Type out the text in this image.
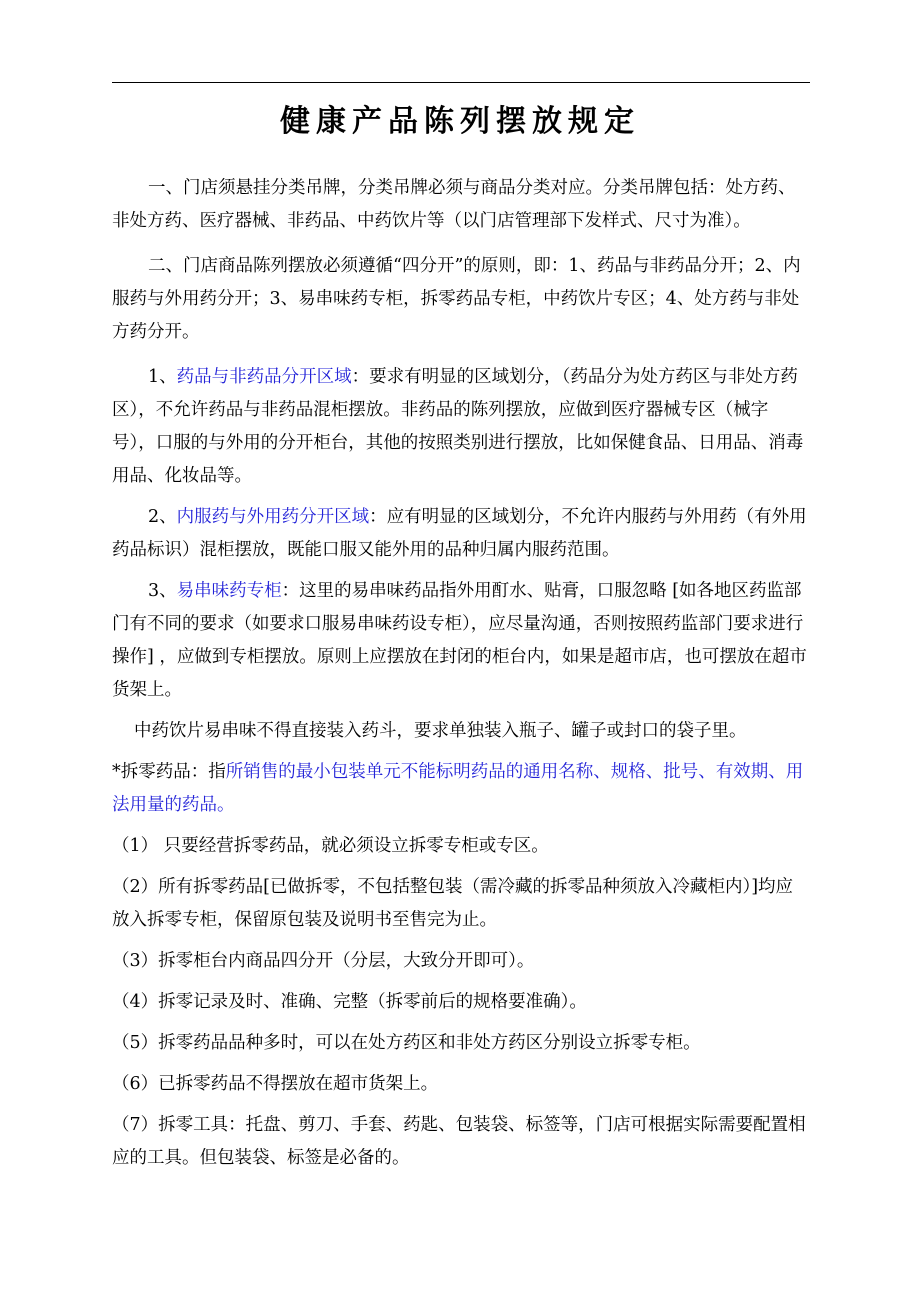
健康产品陈列摆放规定

一、门店须悬挂分类吊牌，分类吊牌必须与商品分类对应。分类吊牌包括：处方药、非处方药、医疗器械、非药品、中药饮片等（以门店管理部下发样式、尺寸为准）。

二、门店商品陈列摆放必须遵循“四分开”的原则，即：1、药品与非药品分开；2、内服药与外用药分开；3、易串味药专柜，拆零药品专柜，中药饮片专区；4、处方药与非处方药分开。

1、药品与非药品分开区域：要求有明显的区域划分，（药品分为处方药区与非处方药区），不允许药品与非药品混柜摆放。非药品的陈列摆放，应做到医疗器械专区（械字号），口服的与外用的分开柜台，其他的按照类别进行摆放，比如保健食品、日用品、消毒用品、化妆品等。

2、内服药与外用药分开区域：应有明显的区域划分，不允许内服药与外用药（有外用药品标识）混柜摆放，既能口服又能外用的品种归属内服药范围。

3、易串味药专柜：这里的易串味药品指外用酊水、贴膏，口服忽略 [如各地区药监部门有不同的要求（如要求口服易串味药设专柜），应尽量沟通，否则按照药监部门要求进行操作] ，应做到专柜摆放。原则上应摆放在封闭的柜台内，如果是超市店，也可摆放在超市货架上。

中药饮片易串味不得直接装入药斗，要求单独装入瓶子、罐子或封口的袋子里。

*拆零药品：指所销售的最小包装单元不能标明药品的通用名称、规格、批号、有效期、用法用量的药品。

（1） 只要经营拆零药品，就必须设立拆零专柜或专区。

（2）所有拆零药品[已做拆零，不包括整包装（需冷藏的拆零品种须放入冷藏柜内）]均应放入拆零专柜，保留原包装及说明书至售完为止。

（3）拆零柜台内商品四分开（分层，大致分开即可）。

（4）拆零记录及时、准确、完整（拆零前后的规格要准确）。

（5）拆零药品品种多时，可以在处方药区和非处方药区分别设立拆零专柜。

（6）已拆零药品不得摆放在超市货架上。

（7）拆零工具：托盘、剪刀、手套、药匙、包装袋、标签等，门店可根据实际需要配置相应的工具。但包装袋、标签是必备的。
